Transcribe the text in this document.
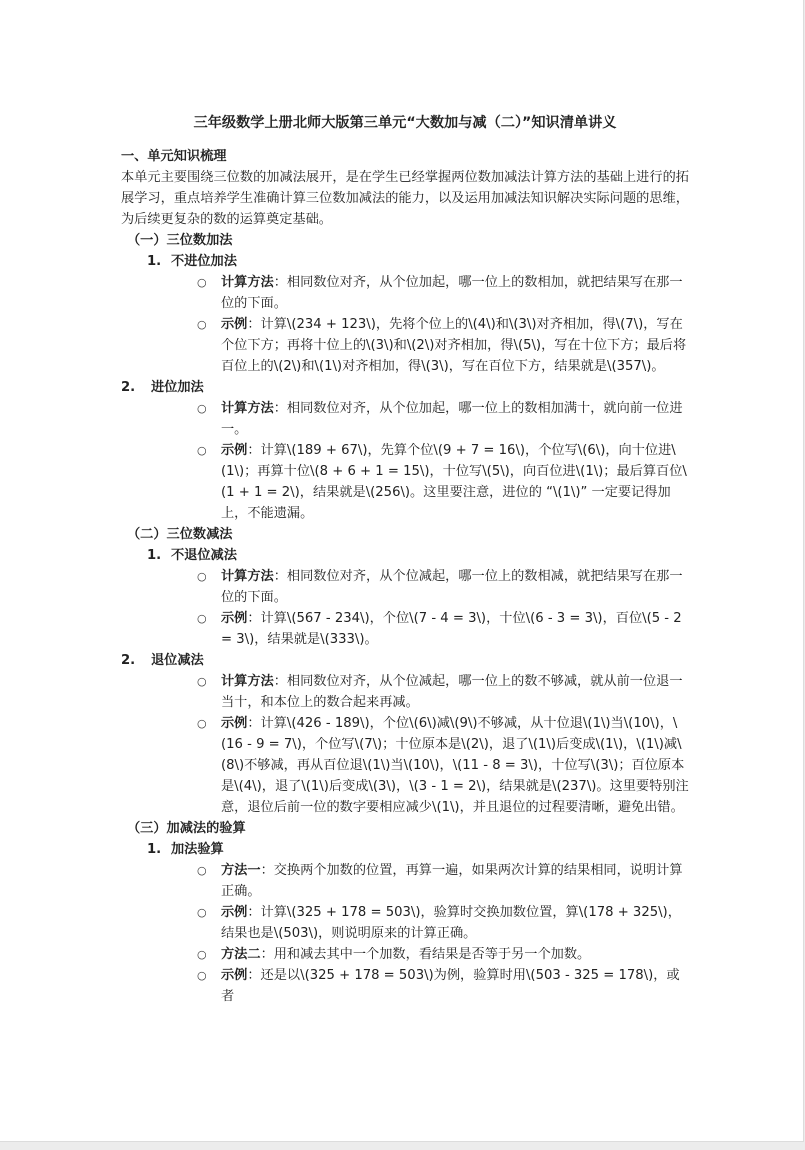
三年级数学上册北师大版第三单元“大数加与减（二）”知识清单讲义
一、单元知识梳理

本单元主要围绕三位数的加减法展开，是在学生已经掌握两位数加减法计算方法的基础上进行的拓展学习，重点培养学生准确计算三位数加减法的能力，以及运用加减法知识解决实际问题的思维，为后续更复杂的数的运算奠定基础。

（一）三位数加法
1. 不进位加法
○ 计算方法：相同数位对齐，从个位加起，哪一位上的数相加，就把结果写在那一位的下面。
○ 示例：计算\(234 + 123\)，先将个位上的\(4\)和\(3\)对齐相加，得\(7\)，写在个位下方；再将十位上的\(3\)和\(2\)对齐相加，得\(5\)，写在十位下方；最后将百位上的\(2\)和\(1\)对齐相加，得\(3\)，写在百位下方，结果就是\(357\)。
2.	进位加法
○ 计算方法：相同数位对齐，从个位加起，哪一位上的数相加满十，就向前一位进一。
○ 示例：计算\(189 + 67\)，先算个位\(9 + 7 = 16\)，个位写\(6\)，向十位进\(1\)；再算十位\(8 + 6 + 1 = 15\)，十位写\(5\)，向百位进\(1\)；最后算百位\(1 + 1 = 2\)，结果就是\(256\)。这里要注意，进位的 “\(1\)” 一定要记得加上，不能遗漏。
（二）三位数减法
1. 不退位减法
○ 计算方法：相同数位对齐，从个位减起，哪一位上的数相减，就把结果写在那一位的下面。
○ 示例：计算\(567 - 234\)，个位\(7 - 4 = 3\)，十位\(6 - 3 = 3\)，百位\(5 - 2 = 3\)，结果就是\(333\)。
2.	退位减法
○ 计算方法：相同数位对齐，从个位减起，哪一位上的数不够减，就从前一位退一当十，和本位上的数合起来再减。
○ 示例：计算\(426 - 189\)，个位\(6\)减\(9\)不够减，从十位退\(1\)当\(10\)，\(16 - 9 = 7\)，个位写\(7\)；十位原本是\(2\)，退了\(1\)后变成\(1\)，\(1\)减\(8\)不够减，再从百位退\(1\)当\(10\)，\(11 - 8 = 3\)，十位写\(3\)；百位原本是\(4\)，退了\(1\)后变成\(3\)，\(3 - 1 = 2\)，结果就是\(237\)。这里要特别注意，退位后前一位的数字要相应减少\(1\)，并且退位的过程要清晰，避免出错。
（三）加减法的验算
1. 加法验算
○ 方法一：交换两个加数的位置，再算一遍，如果两次计算的结果相同，说明计算正确。
○ 示例：计算\(325 + 178 = 503\)，验算时交换加数位置，算\(178 + 325\)，结果也是\(503\)，则说明原来的计算正确。
○ 方法二：用和减去其中一个加数，看结果是否等于另一个加数。
○ 示例：还是以\(325 + 178 = 503\)为例，验算时用\(503 - 325 = 178\)，或者
